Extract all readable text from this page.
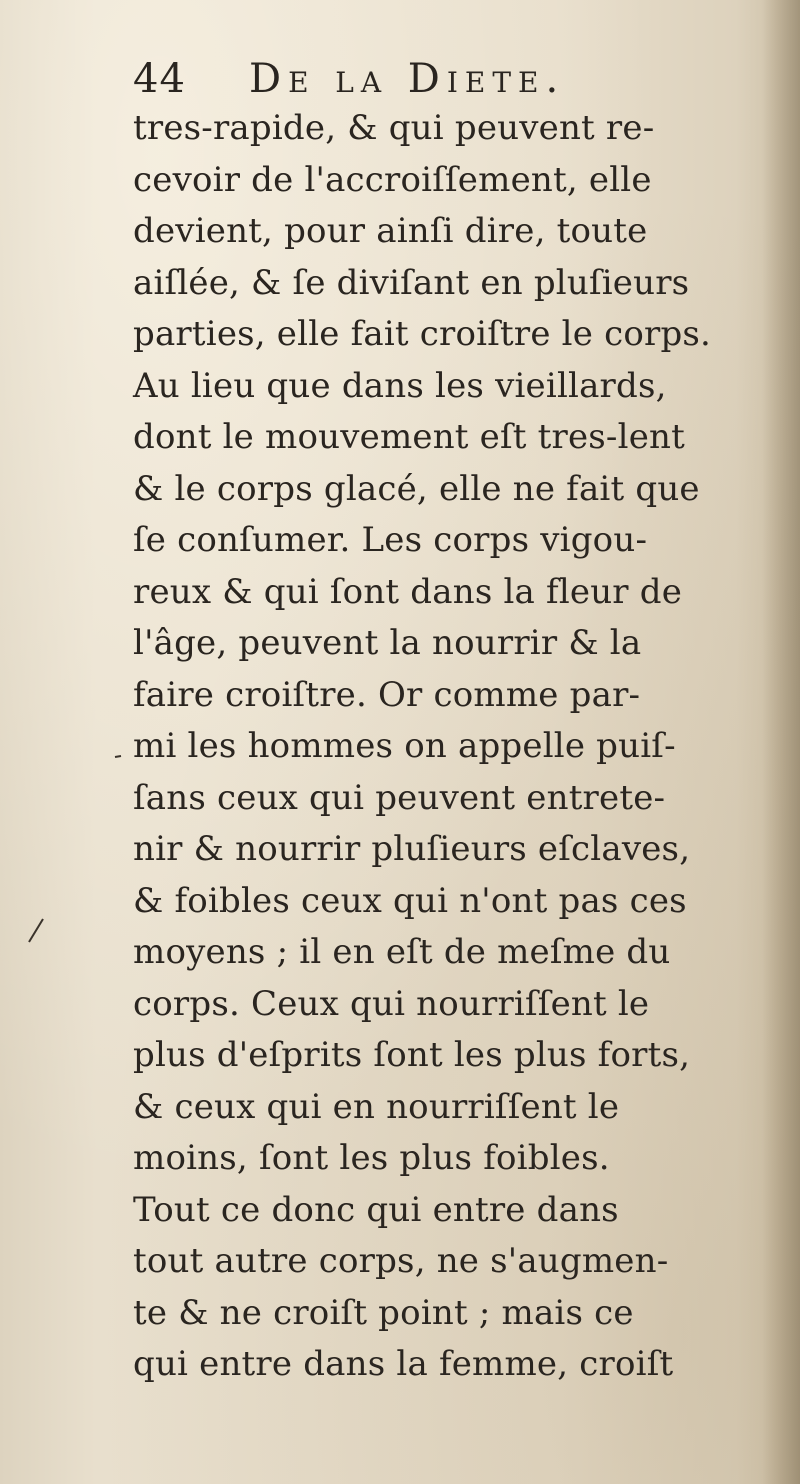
44	De la Diete.
tres-rapide, & qui peuvent re-
cevoir de l'accroiſſement, elle
devient, pour ainſi dire, toute
aiſlée, & ſe diviſant en pluſieurs
parties, elle fait croiſtre le corps.
Au lieu que dans les vieillards,
dont le mouvement eſt tres-lent
& le corps glacé, elle ne fait que
ſe conſumer. Les corps vigou-
reux & qui ſont dans la fleur de
l'âge, peuvent la nourrir & la
faire croiſtre. Or comme par-
mi les hommes on appelle puiſ-
ſans ceux qui peuvent entrete-
nir & nourrir pluſieurs eſclaves,
& foibles ceux qui n'ont pas ces
moyens ; il en eſt de meſme du
corps. Ceux qui nourriſſent le
plus d'eſprits ſont les plus forts,
& ceux qui en nourriſſent le
moins, ſont les plus foibles.
Tout ce donc qui entre dans
tout autre corps, ne s'augmen-
te & ne croiſt point ; mais ce
qui entre dans la femme, croiſt
